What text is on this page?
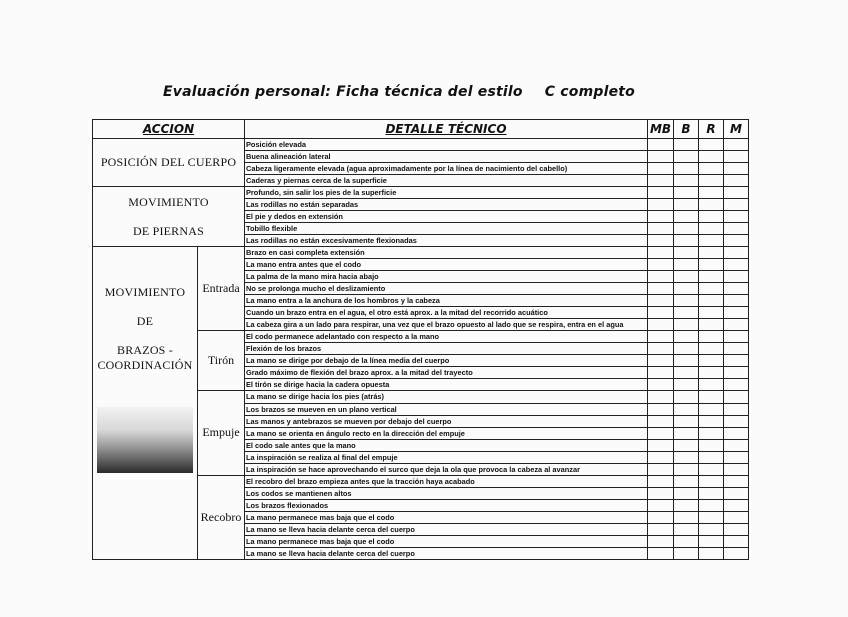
Evaluación personal: Ficha técnica del estilo C completo
ACCION		DETALLE TÉCNICO	MB	B	R	M
POSICIÓN DEL CUERPO		Posición elevada				
		Buena alineación lateral				
		Cabeza ligeramente elevada (agua aproximadamente por la línea de nacimiento del cabello)				
		Caderas y piernas cerca de la superficie				

MOVIMIENTO
DE PIERNAS		Profundo, sin salir los pies de la superficie				
		Las rodillas no están separadas				
		El pie y dedos en extensión				
		Tobillo flexible				
		Las rodillas no están excesivamente flexionadas				

MOVIMIENTO
DE
BRAZOS -
COORDINACIÓN	Entrada	Brazo en casi completa extensión				
		La mano entra antes que el codo				
		La palma de la mano mira hacia abajo				
		No se prolonga mucho el deslizamiento				
		La mano entra a la anchura de los hombros y la cabeza				
		Cuando un brazo entra en el agua, el otro está aprox. a la mitad del recorrido acuático				
		La cabeza gira a un lado para respirar, una vez que el brazo opuesto al lado que se respira, entra en el agua				
	Tirón	El codo permanece adelantado con respecto a la mano				
		Flexión de los brazos				
		La mano se dirige por debajo de la línea media del cuerpo				
		Grado máximo de flexión del brazo aprox. a la mitad del trayecto				
		El tirón se dirige hacia la cadera opuesta				
	Empuje	La mano se dirige hacia los pies (atrás)				
		Los brazos se mueven en un plano vertical				
		Las manos y antebrazos se mueven por debajo del cuerpo				
		La mano se orienta en ángulo recto en la dirección del empuje				
		El codo sale antes que la mano				
		La inspiración se realiza al final del empuje				
		La inspiración se hace aprovechando el surco que deja la ola que provoca la cabeza al avanzar				
	Recobro	El recobro del brazo empieza antes que la tracción haya acabado				
		Los codos se mantienen altos				
		Los brazos flexionados				
		La mano permanece mas baja que el codo				
		La mano se lleva hacia delante cerca del cuerpo				
		La mano permanece mas baja que el codo				
		La mano se lleva hacia delante cerca del cuerpo				
